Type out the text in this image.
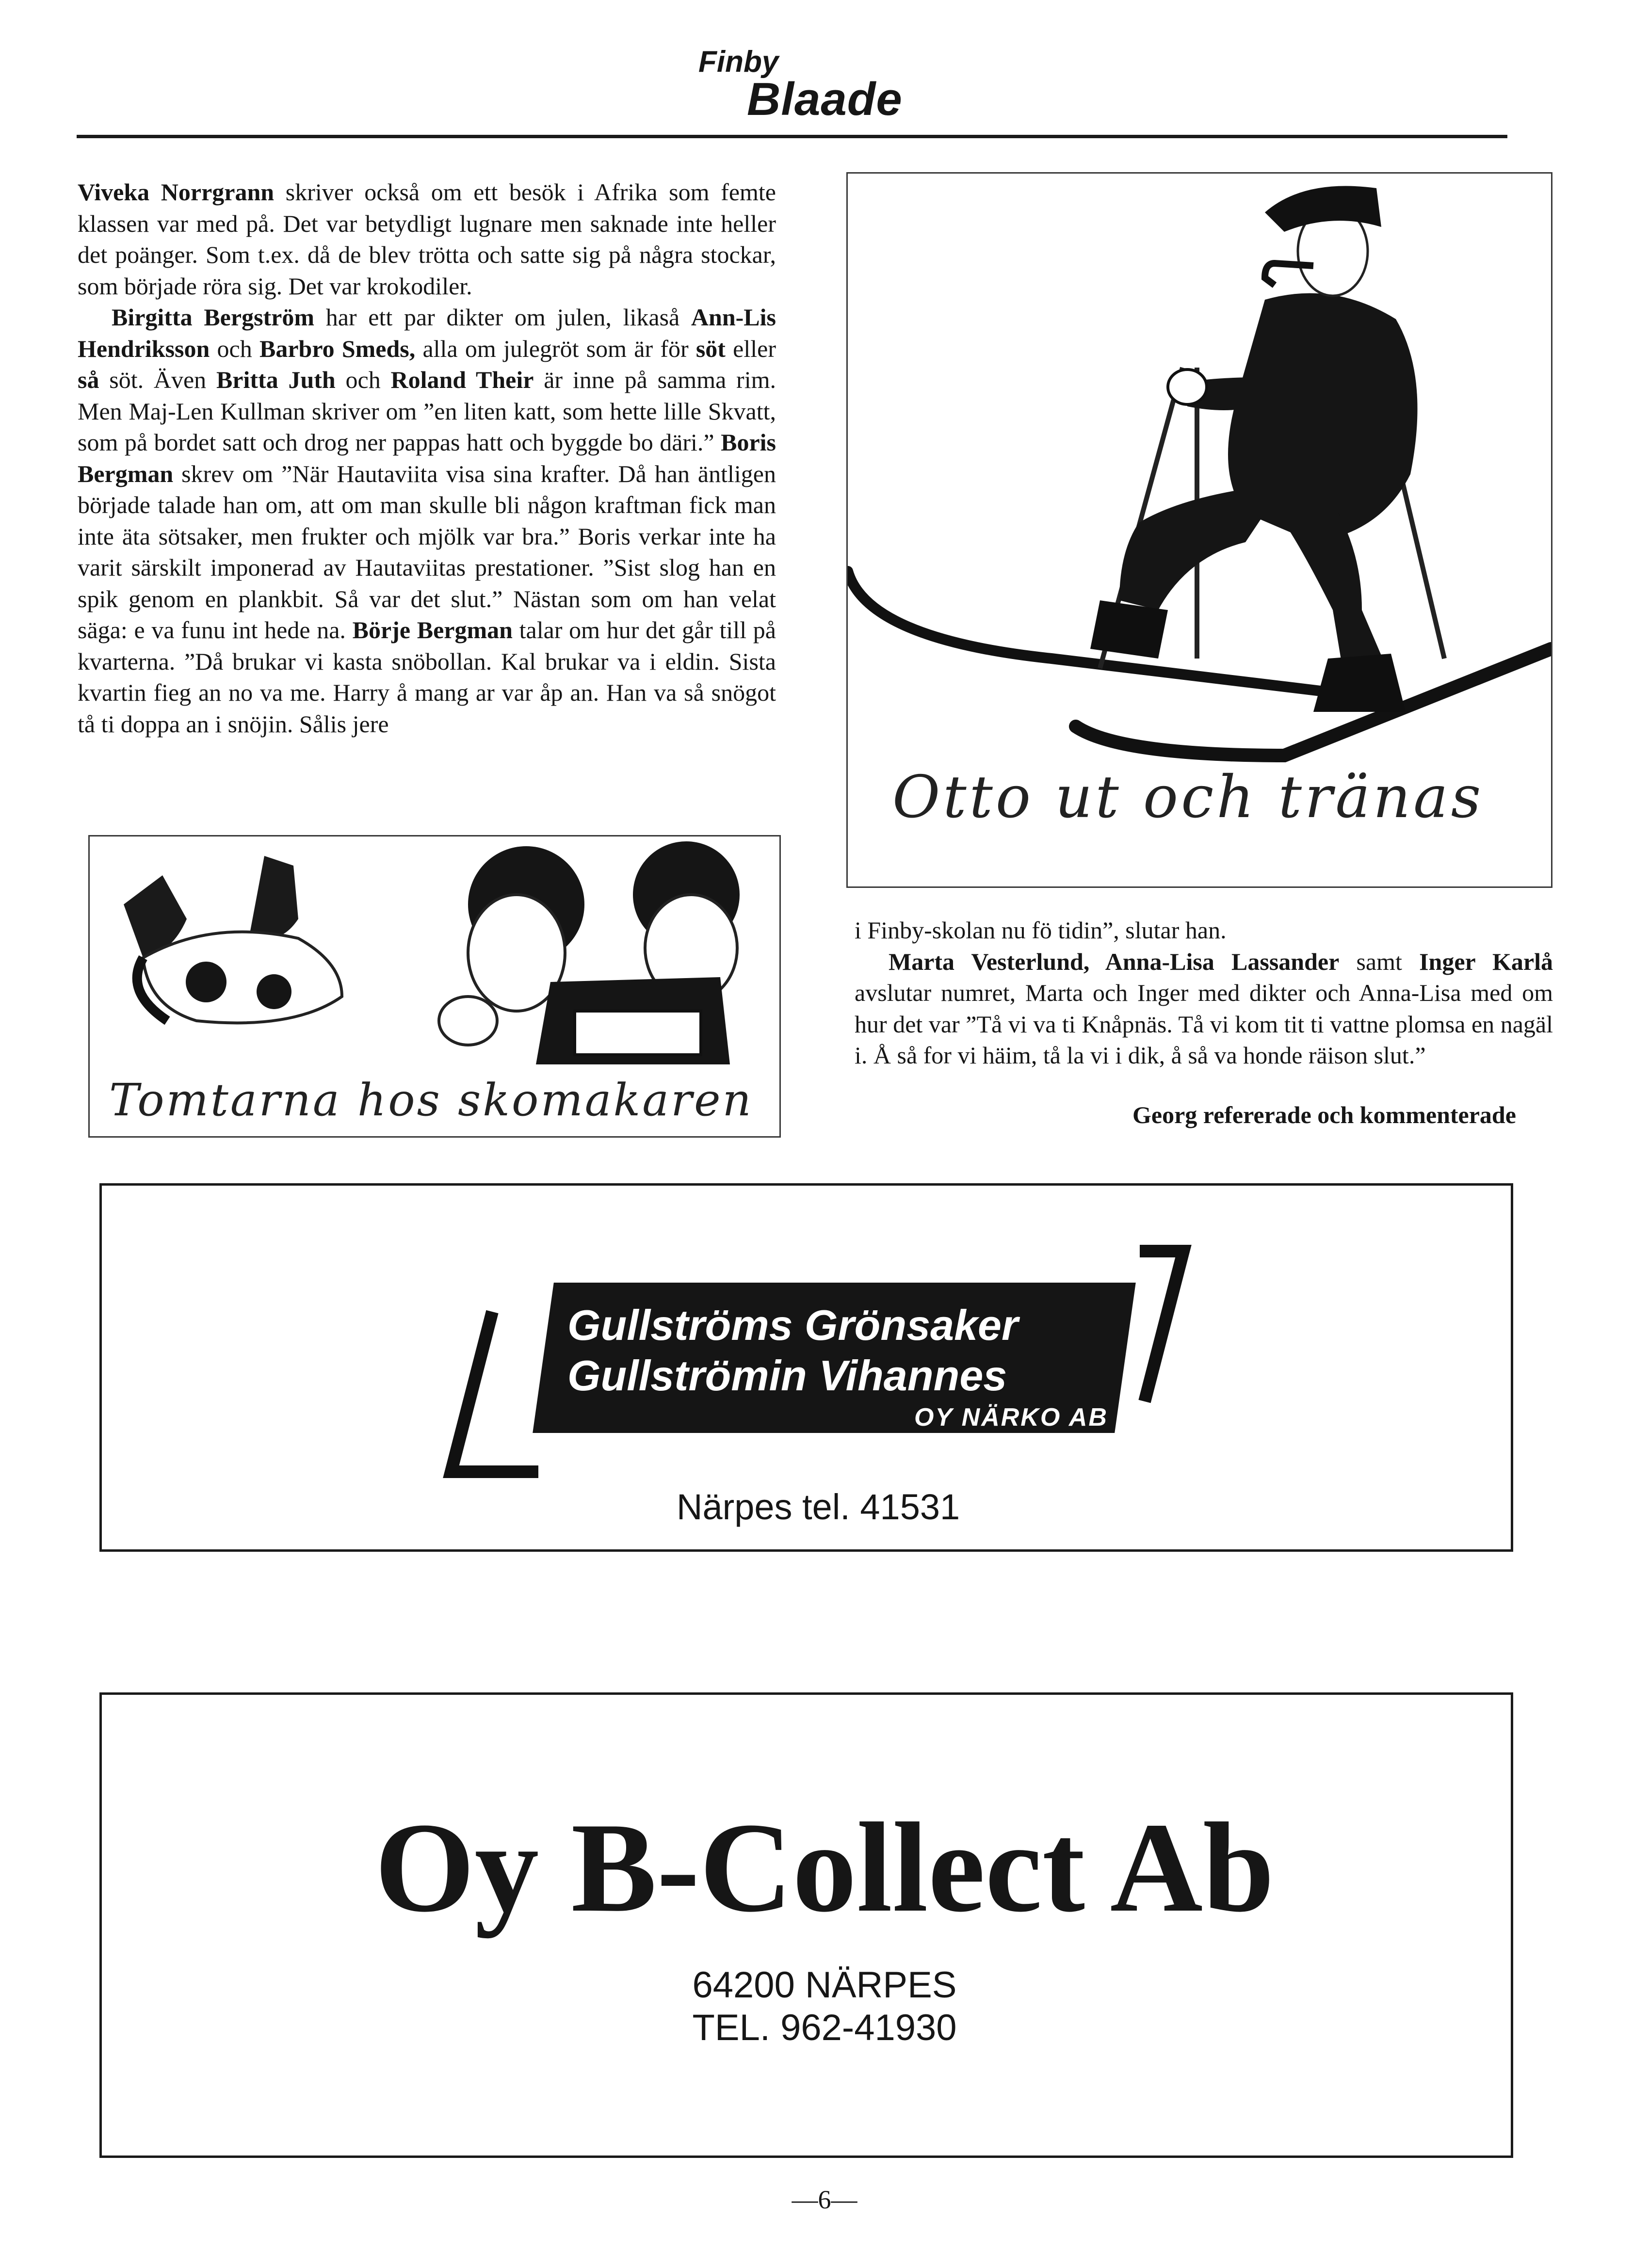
Finby
Blaade

Viveka Norrgrann skriver också om ett besök i Afrika som femte klassen var med på. Det var betydligt lugnare men saknade inte heller det poänger. Som t.ex. då de blev trötta och satte sig på några stockar, som började röra sig. Det var krokodiler.

Birgitta Bergström har ett par dikter om julen, likaså Ann-Lis Hendriksson och Barbro Smeds, alla om julegröt som är för söt eller så söt. Även Britta Juth och Roland Their är inne på samma rim. Men Maj-Len Kullman skriver om ”en liten katt, som hette lille Skvatt, som på bordet satt och drog ner pappas hatt och byggde bo däri.” Boris Bergman skrev om ”När Hautaviita visa sina krafter. Då han äntligen började talade han om, att om man skulle bli någon kraftman fick man inte äta sötsaker, men frukter och mjölk var bra.” Boris verkar inte ha varit särskilt imponerad av Hautaviitas prestationer. ”Sist slog han en spik genom en plankbit. Så var det slut.” Nästan som om han velat säga: e va funu int hede na. Börje Bergman talar om hur det går till på kvarterna. ”Då brukar vi kasta snöbollan. Kal brukar va i eldin. Sista kvartin fieg an no va me. Harry å mang ar var åp an. Han va så snögot tå ti doppa an i snöjin. Sålis jere

Otto ut och tränas
Tomtarna hos skomakaren

i Finby-skolan nu fö tidin”, slutar han.

Marta Vesterlund, Anna-Lisa Lassander samt Inger Karlå avslutar numret, Marta och Inger med dikter och Anna-Lisa med om hur det var ”Tå vi va ti Knåpnäs. Tå vi kom tit ti vattne plomsa en nagäl i. Å så for vi häim, tå la vi i dik, å så va honde räison slut.”

Georg refererade och kommenterade
Gullströms Grönsaker
Gullströmin Vihannes
OY NÄRKO AB
Närpes tel. 41531
Oy B-Collect Ab
64200 NÄRPES
TEL. 962-41930
—6—
